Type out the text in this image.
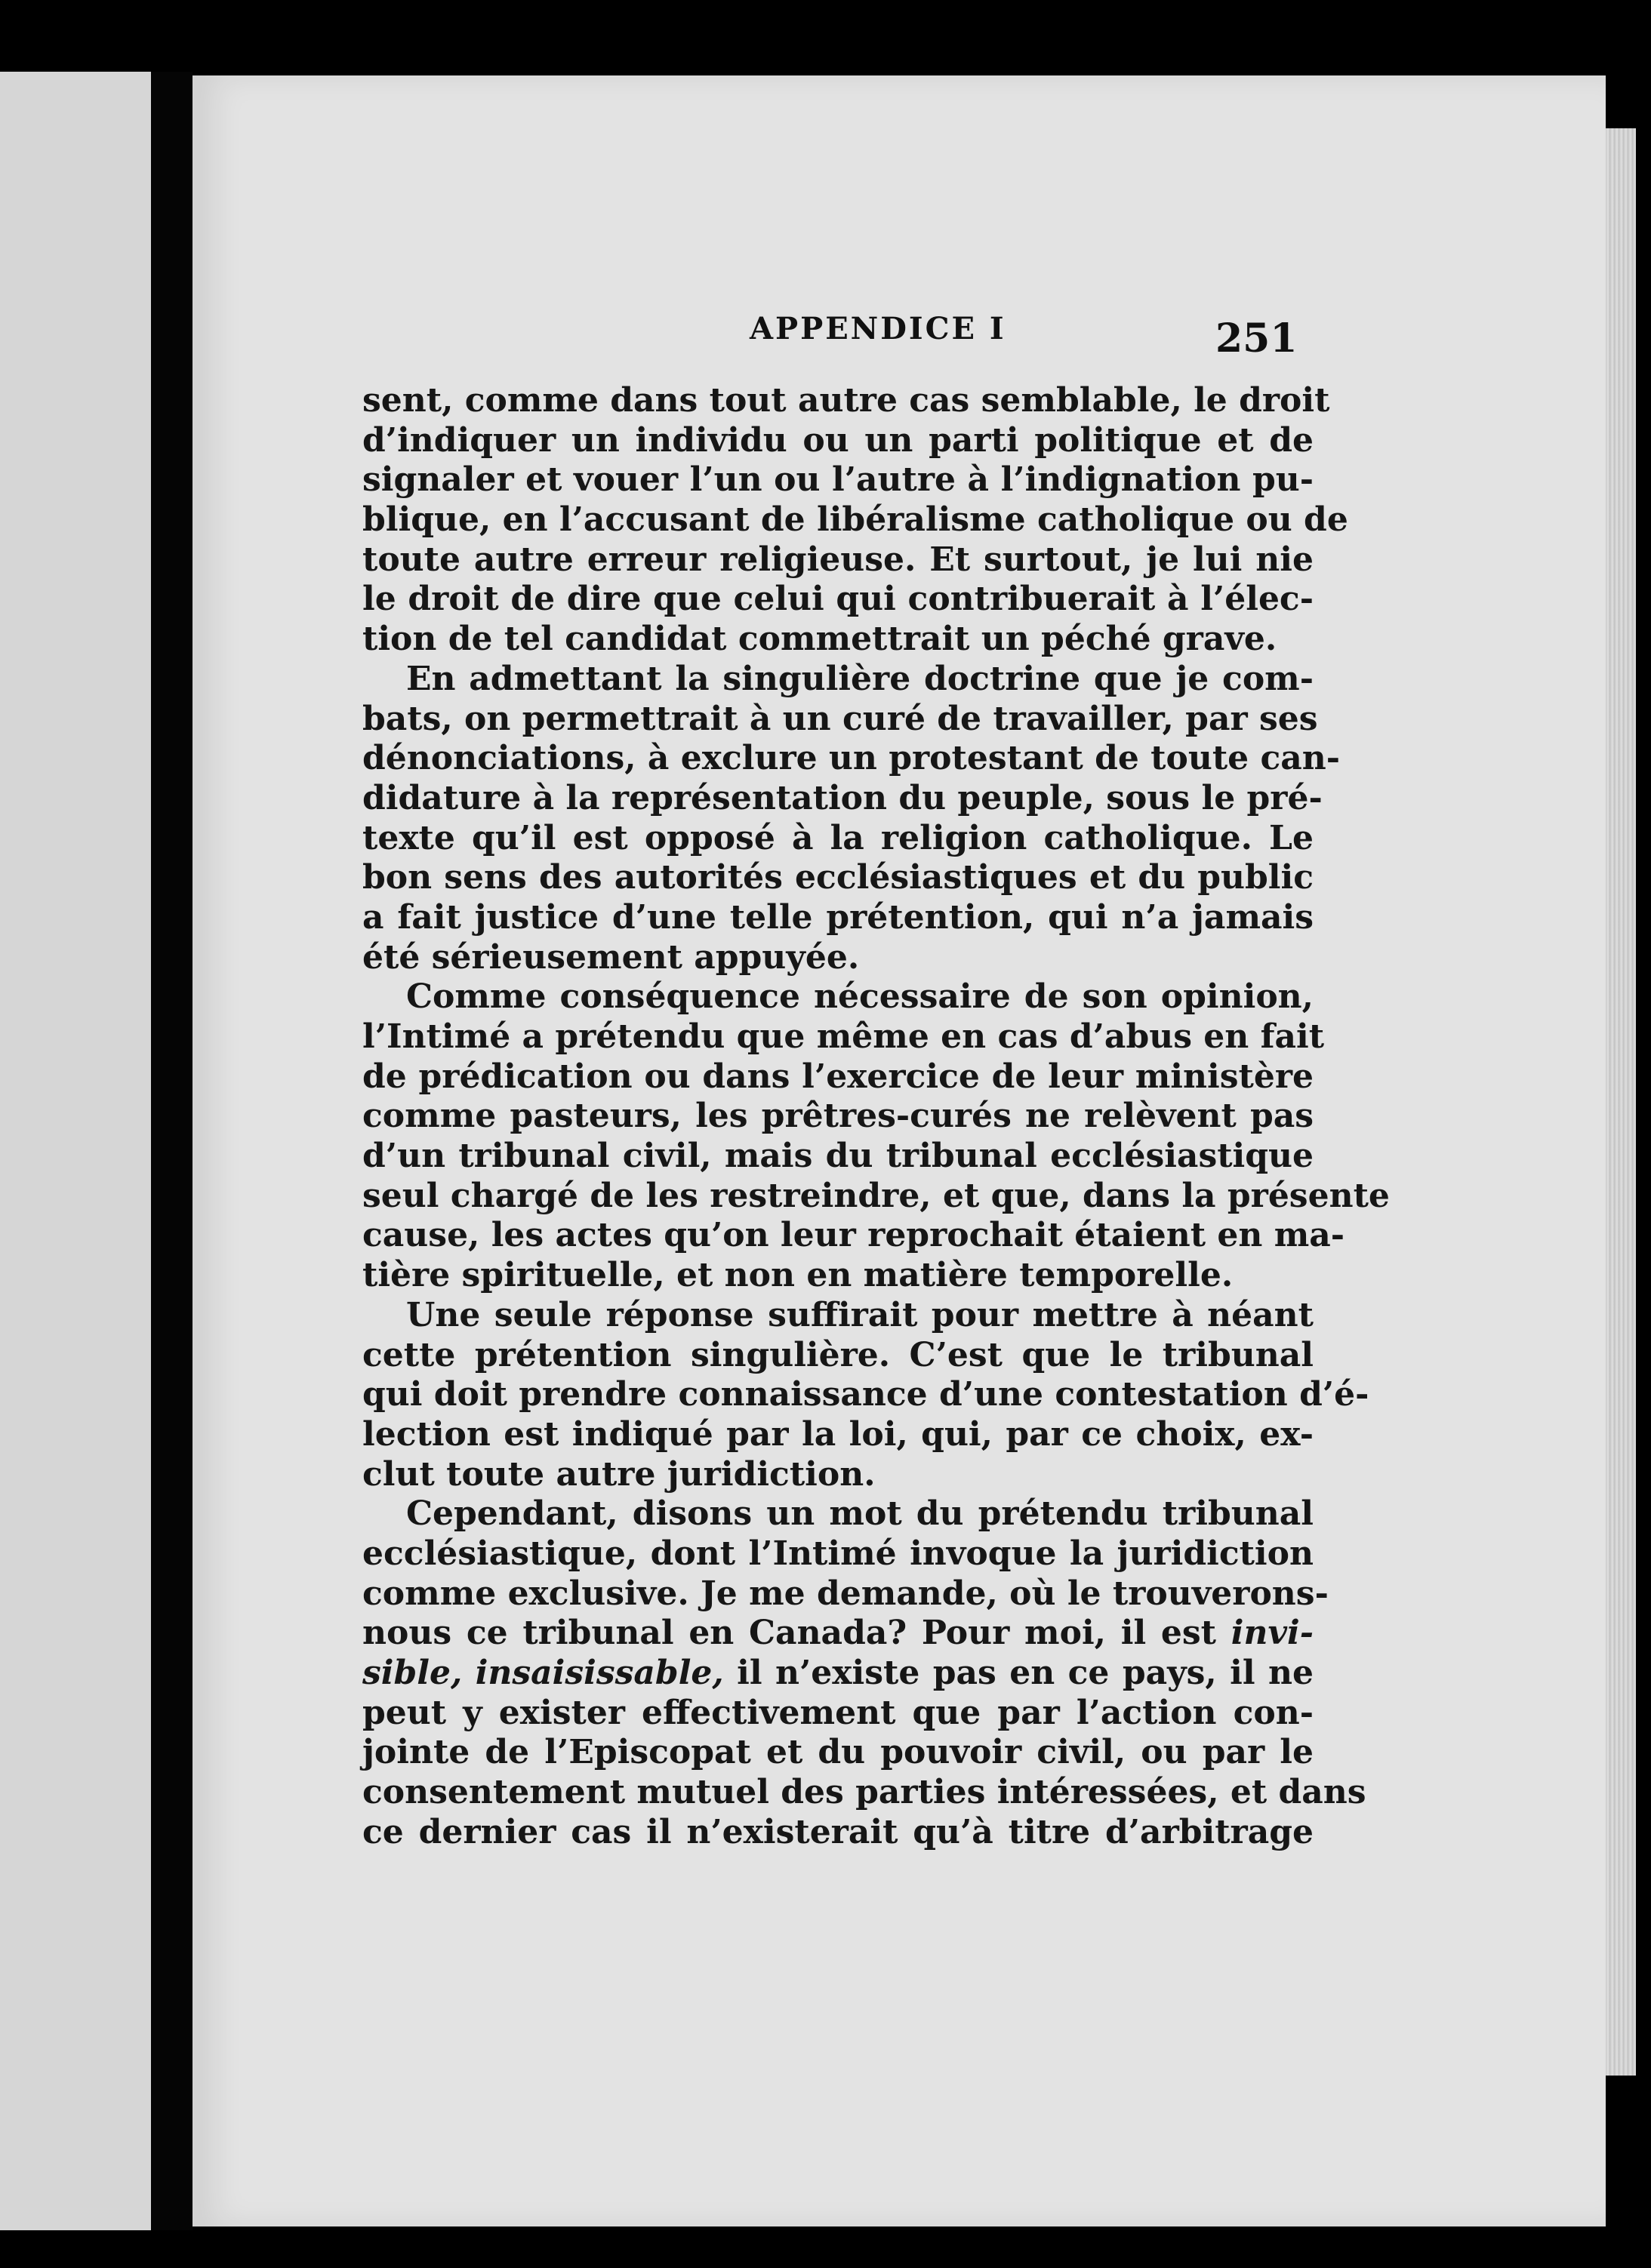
APPENDICE I	251
sent, comme dans tout autre cas semblable, le droit
d’indiquer un individu ou un parti politique et de
signaler et vouer l’un ou l’autre à l’indignation pu-
blique, en l’accusant de libéralisme catholique ou de
toute autre erreur religieuse. Et surtout, je lui nie
le droit de dire que celui qui contribuerait à l’élec-
tion de tel candidat commettrait un péché grave.
En admettant la singulière doctrine que je com-
bats, on permettrait à un curé de travailler, par ses
dénonciations, à exclure un protestant de toute can-
didature à la représentation du peuple, sous le pré-
texte qu’il est opposé à la religion catholique. Le
bon sens des autorités ecclésiastiques et du public
a fait justice d’une telle prétention, qui n’a jamais
été sérieusement appuyée.
Comme conséquence nécessaire de son opinion,
l’Intimé a prétendu que même en cas d’abus en fait
de prédication ou dans l’exercice de leur ministère
comme pasteurs, les prêtres-curés ne relèvent pas
d’un tribunal civil, mais du tribunal ecclésiastique
seul chargé de les restreindre, et que, dans la présente
cause, les actes qu’on leur reprochait étaient en ma-
tière spirituelle, et non en matière temporelle.
Une seule réponse suffirait pour mettre à néant
cette prétention singulière. C’est que le tribunal
qui doit prendre connaissance d’une contestation d’é-
lection est indiqué par la loi, qui, par ce choix, ex-
clut toute autre juridiction.
Cependant, disons un mot du prétendu tribunal
ecclésiastique, dont l’Intimé invoque la juridiction
comme exclusive. Je me demande, où le trouverons-
nous ce tribunal en Canada? Pour moi, il est invi-
sible, insaisissable, il n’existe pas en ce pays, il ne
peut y exister effectivement que par l’action con-
jointe de l’Episcopat et du pouvoir civil, ou par le
consentement mutuel des parties intéressées, et dans
ce dernier cas il n’existerait qu’à titre d’arbitrage
